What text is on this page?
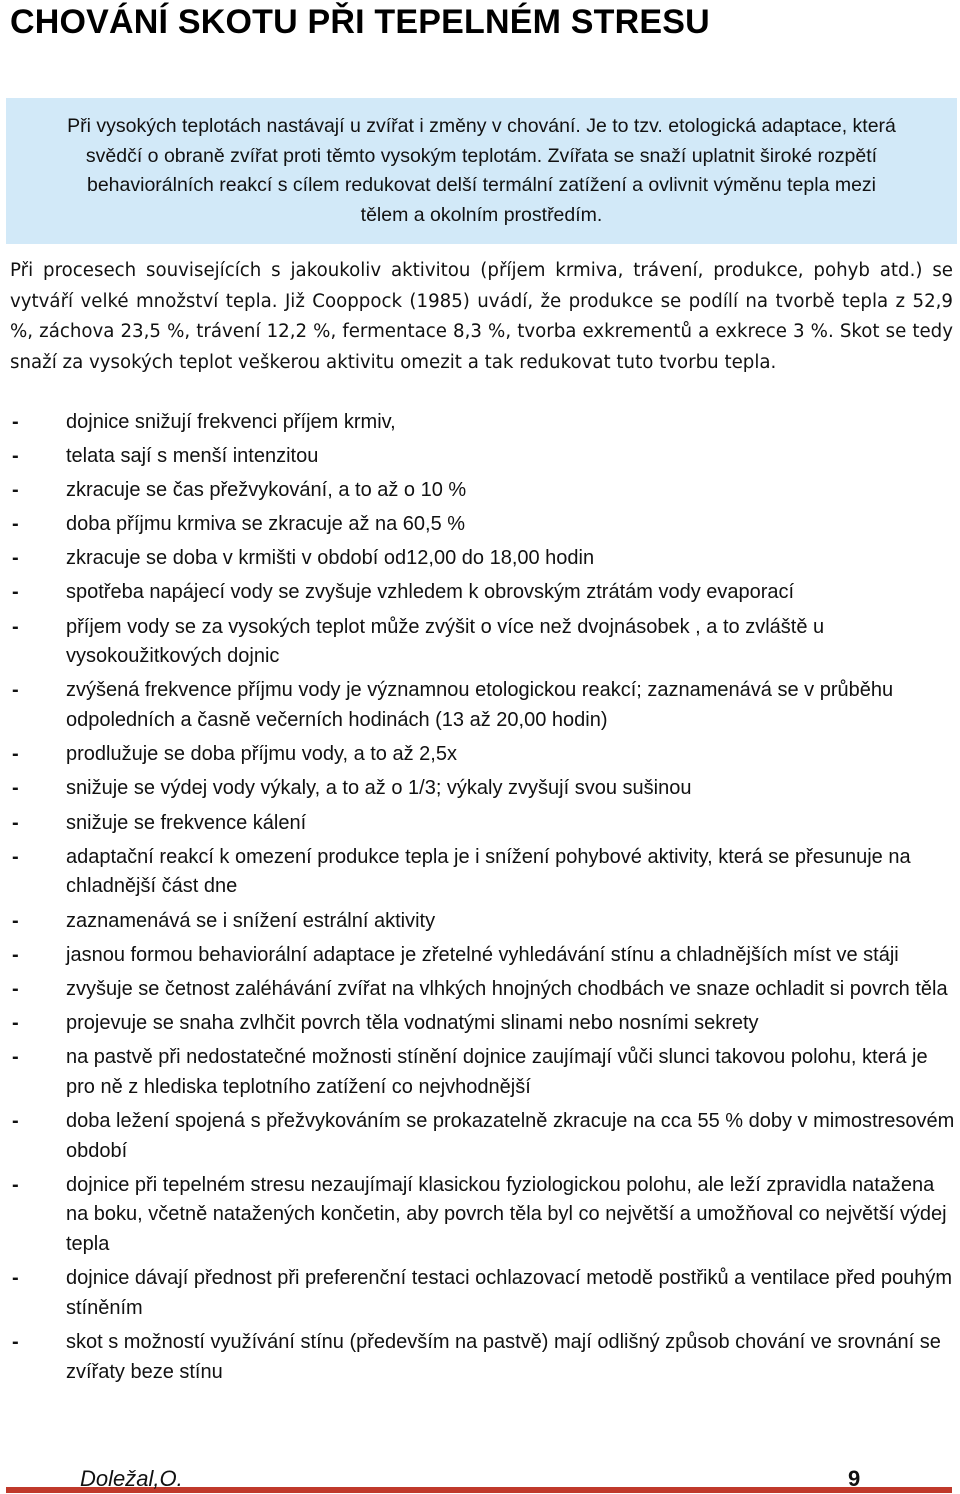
CHOVÁNÍ SKOTU PŘI TEPELNÉM STRESU
Při vysokých teplotách nastávají u zvířat i změny v chování. Je to tzv. etologická adaptace, která
svědčí o obraně zvířat proti těmto vysokým teplotám. Zvířata se snaží uplatnit široké rozpětí
behaviorálních reakcí s cílem redukovat delší termální zatížení a ovlivnit výměnu tepla mezi
tělem a okolním prostředím.

Při procesech souvisejících s jakoukoliv aktivitou (příjem krmiva, trávení, produkce, pohyb atd.) se vytváří velké množství tepla. Již Cooppock (1985) uvádí, že produkce se podílí na tvorbě tepla z 52,9 %, záchova 23,5 %, trávení 12,2 %, fermentace 8,3 %, tvorba exkrementů a exkrece 3 %. Skot se tedy snaží za vysokých teplot veškerou aktivitu omezit a tak redukovat tuto tvorbu tepla.

- dojnice snižují frekvenci příjem krmiv,
- telata sají s menší intenzitou
- zkracuje se čas přežvykování, a to až o 10 %
- doba příjmu krmiva se zkracuje až na 60,5 %
- zkracuje se doba v krmišti v období od12,00 do 18,00 hodin
- spotřeba napájecí vody se zvyšuje vzhledem k obrovským ztrátám vody evaporací
- příjem vody se za vysokých teplot může zvýšit o více než dvojnásobek , a to zvláště u vysokoužitkových dojnic
- zvýšená frekvence příjmu vody je významnou etologickou reakcí; zaznamenává se v průběhu odpoledních a časně večerních hodinách (13 až 20,00 hodin)
- prodlužuje se doba příjmu vody, a to až 2,5x
- snižuje se výdej vody výkaly, a to až o 1/3; výkaly zvyšují svou sušinou
- snižuje se frekvence kálení
- adaptační reakcí k omezení produkce tepla je i snížení pohybové aktivity, která se přesunuje na chladnější část dne
- zaznamenává se i snížení estrální aktivity
- jasnou formou behaviorální adaptace je zřetelné vyhledávání stínu a chladnějších míst ve stáji
- zvyšuje se četnost zaléhávání zvířat na vlhkých hnojných chodbách ve snaze ochladit si povrch těla
- projevuje se snaha zvlhčit povrch těla vodnatými slinami nebo nosními sekrety
- na pastvě při nedostatečné možnosti stínění dojnice zaujímají vůči slunci takovou polohu, která je pro ně z hlediska teplotního zatížení co nejvhodnější
- doba ležení spojená s přežvykováním se prokazatelně zkracuje na cca 55 % doby v mimostresovém období
- dojnice při tepelném stresu nezaujímají klasickou fyziologickou polohu, ale leží zpravidla natažena na boku, včetně natažených končetin, aby povrch těla byl co největší a umožňoval co největší výdej tepla
- dojnice dávají přednost při preferenční testaci ochlazovací metodě postřiků a ventilace před pouhým stíněním
- skot s možností využívání stínu (především na pastvě) mají odlišný způsob chování ve srovnání se zvířaty beze stínu
Doležal,O.	9
